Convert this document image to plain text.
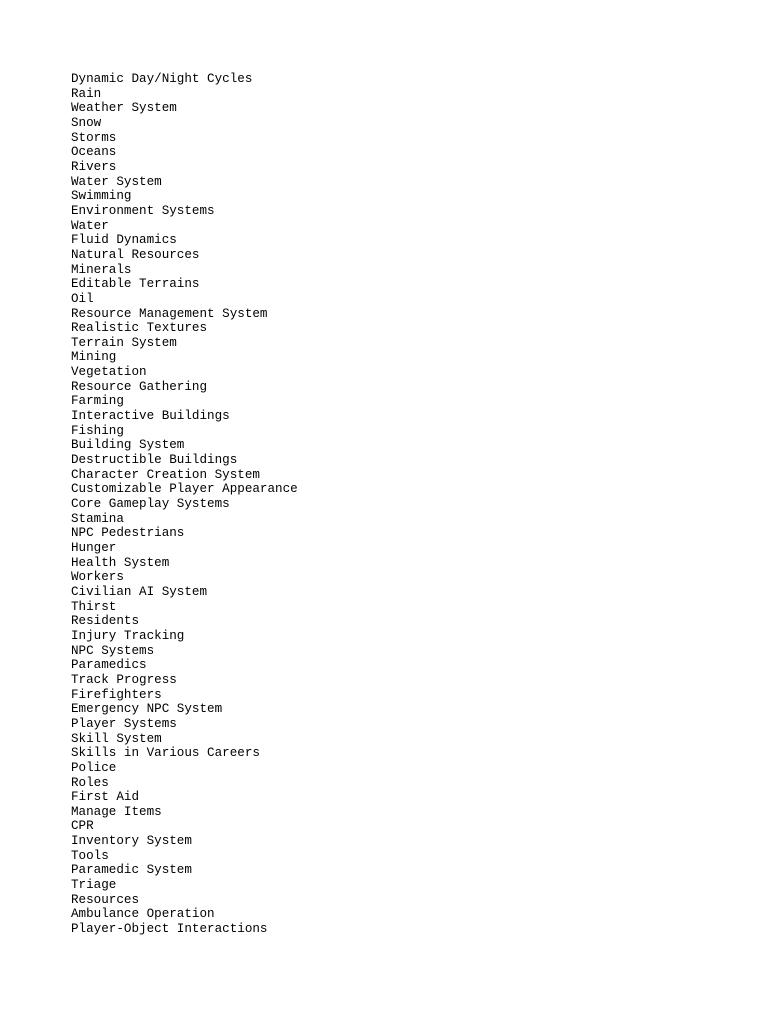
Dynamic Day/Night Cycles
Rain
Weather System
Snow
Storms
Oceans
Rivers
Water System
Swimming
Environment Systems
Water
Fluid Dynamics
Natural Resources
Minerals
Editable Terrains
Oil
Resource Management System
Realistic Textures
Terrain System
Mining
Vegetation
Resource Gathering
Farming
Interactive Buildings
Fishing
Building System
Destructible Buildings
Character Creation System
Customizable Player Appearance
Core Gameplay Systems
Stamina
NPC Pedestrians
Hunger
Health System
Workers
Civilian AI System
Thirst
Residents
Injury Tracking
NPC Systems
Paramedics
Track Progress
Firefighters
Emergency NPC System
Player Systems
Skill System
Skills in Various Careers
Police
Roles
First Aid
Manage Items
CPR
Inventory System
Tools
Paramedic System
Triage
Resources
Ambulance Operation
Player-Object Interactions
